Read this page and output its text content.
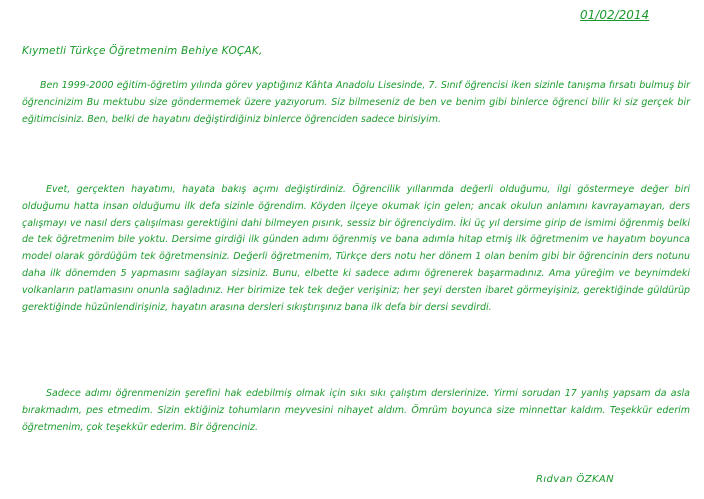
01/02/2014
Kıymetli Türkçe Öğretmenim Behiye KOÇAK,

Ben 1999-2000 eğitim-öğretim yılında görev yaptığınız Kâhta Anadolu Lisesinde, 7. Sınıf öğrencisi iken sizinle tanışma fırsatı bulmuş bir öğrencinizim Bu mektubu size göndermemek üzere yazıyorum. Siz bilmeseniz de ben ve benim gibi binlerce öğrenci bilir ki siz gerçek bir eğitimcisiniz. Ben, belki de hayatını değiştirdiğiniz binlerce öğrenciden sadece birisiyim.

Evet, gerçekten hayatımı, hayata bakış açımı değiştirdiniz. Öğrencilik yıllarımda değerli olduğumu, ilgi göstermeye değer biri olduğumu hatta insan olduğumu ilk defa sizinle öğrendim. Köyden ilçeye okumak için gelen; ancak okulun anlamını kavrayamayan, ders çalışmayı ve nasıl ders çalışılması gerektiğini dahi bilmeyen pısırık, sessiz bir öğrenciydim. İki üç yıl dersime girip de ismimi öğrenmiş belki de tek öğretmenim bile yoktu. Dersime girdiği ilk günden adımı öğrenmiş ve bana adımla hitap etmiş ilk öğretmenim ve hayatım boyunca model olarak gördüğüm tek öğretmensiniz. Değerli öğretmenim, Türkçe ders notu her dönem 1 olan benim gibi bir öğrencinin ders notunu daha ilk dönemden 5 yapmasını sağlayan sizsiniz. Bunu, elbette ki sadece adımı öğrenerek başarmadınız. Ama yüreğim ve beynimdeki volkanların patlamasını onunla sağladınız. Her birimize tek tek değer verişiniz; her şeyi dersten ibaret görmeyişiniz, gerektiğinde güldürüp gerektiğinde hüzünlendirişiniz, hayatın arasına dersleri sıkıştırışınız bana ilk defa bir dersi sevdirdi.

Sadece adımı öğrenmenizin şerefini hak edebilmiş olmak için sıkı sıkı çalıştım derslerinize. Yirmi sorudan 17 yanlış yapsam da asla bırakmadım, pes etmedim. Sizin ektiğiniz tohumların meyvesini nihayet aldım. Ömrüm boyunca size minnettar kaldım. Teşekkür ederim öğretmenim, çok teşekkür ederim. Bir öğrenciniz.

Rıdvan ÖZKAN
